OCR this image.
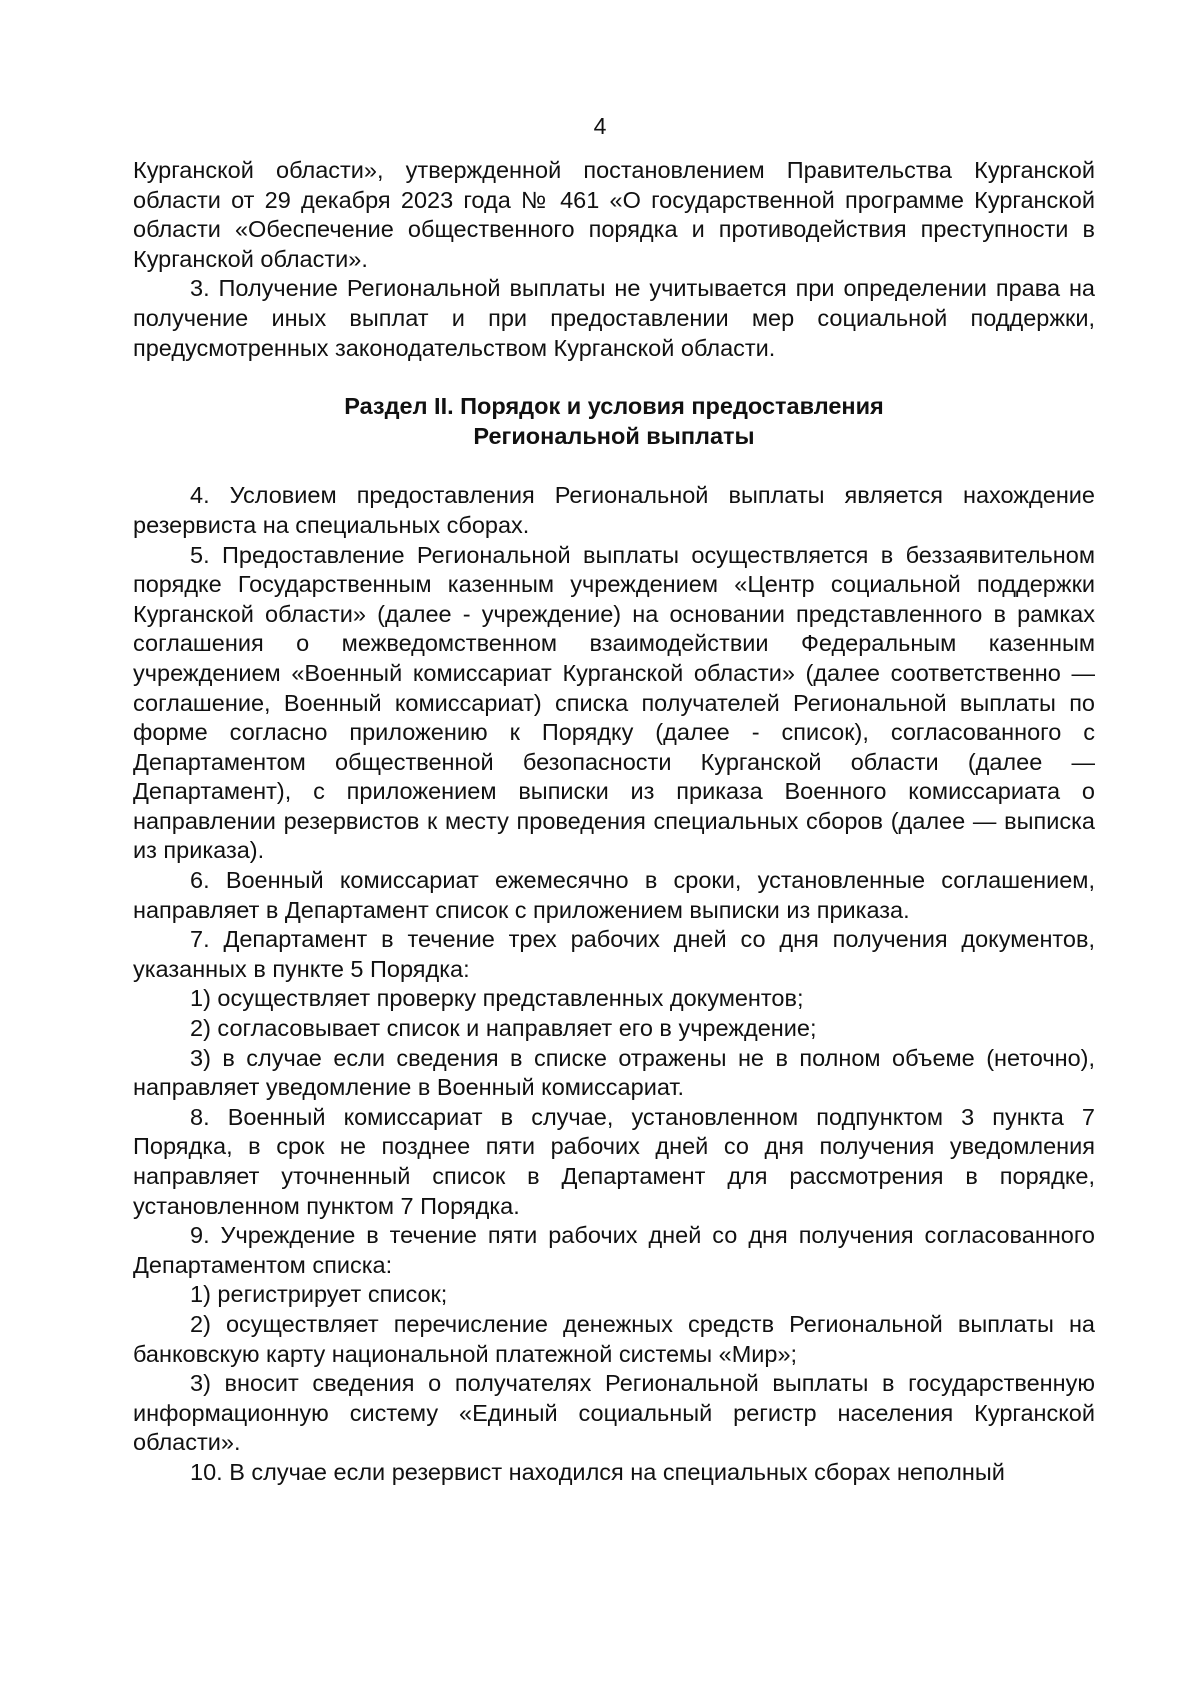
4

Курганской области», утвержденной постановлением Правительства Курганской области от 29 декабря 2023 года № 461 «О государственной программе Курганской области «Обеспечение общественного порядка и противодействия преступности в Курганской области».

3. Получение Региональной выплаты не учитывается при определении права на получение иных выплат и при предоставлении мер социальной поддержки, предусмотренных законодательством Курганской области.

Раздел II. Порядок и условия предоставления
Региональной выплаты

4. Условием предоставления Региональной выплаты является нахождение резервиста на специальных сборах.

5. Предоставление Региональной выплаты осуществляется в беззаявительном порядке Государственным казенным учреждением «Центр социальной поддержки Курганской области» (далее - учреждение) на основании представленного в рамках соглашения о межведомственном взаимодействии Федеральным казенным учреждением «Военный комиссариат Курганской области» (далее соответственно — соглашение, Военный комиссариат) списка получателей Региональной выплаты по форме согласно приложению к Порядку (далее - список), согласованного с Департаментом общественной безопасности Курганской области (далее — Департамент), с приложением выписки из приказа Военного комиссариата о направлении резервистов к месту проведения специальных сборов (далее — выписка из приказа).

6. Военный комиссариат ежемесячно в сроки, установленные соглашением, направляет в Департамент список с приложением выписки из приказа.

7. Департамент в течение трех рабочих дней со дня получения документов, указанных в пункте 5 Порядка:

1) осуществляет проверку представленных документов;

2) согласовывает список и направляет его в учреждение;

3) в случае если сведения в списке отражены не в полном объеме (неточно), направляет уведомление в Военный комиссариат.

8. Военный комиссариат в случае, установленном подпунктом 3 пункта 7 Порядка, в срок не позднее пяти рабочих дней со дня получения уведомления направляет уточненный список в Департамент для рассмотрения в порядке, установленном пунктом 7 Порядка.

9. Учреждение в течение пяти рабочих дней со дня получения согласованного Департаментом списка:

1) регистрирует список;

2) осуществляет перечисление денежных средств Региональной выплаты на банковскую карту национальной платежной системы «Мир»;

3) вносит сведения о получателях Региональной выплаты в государственную информационную систему «Единый социальный регистр населения Курганской области».

10. В случае если резервист находился на специальных сборах неполный
